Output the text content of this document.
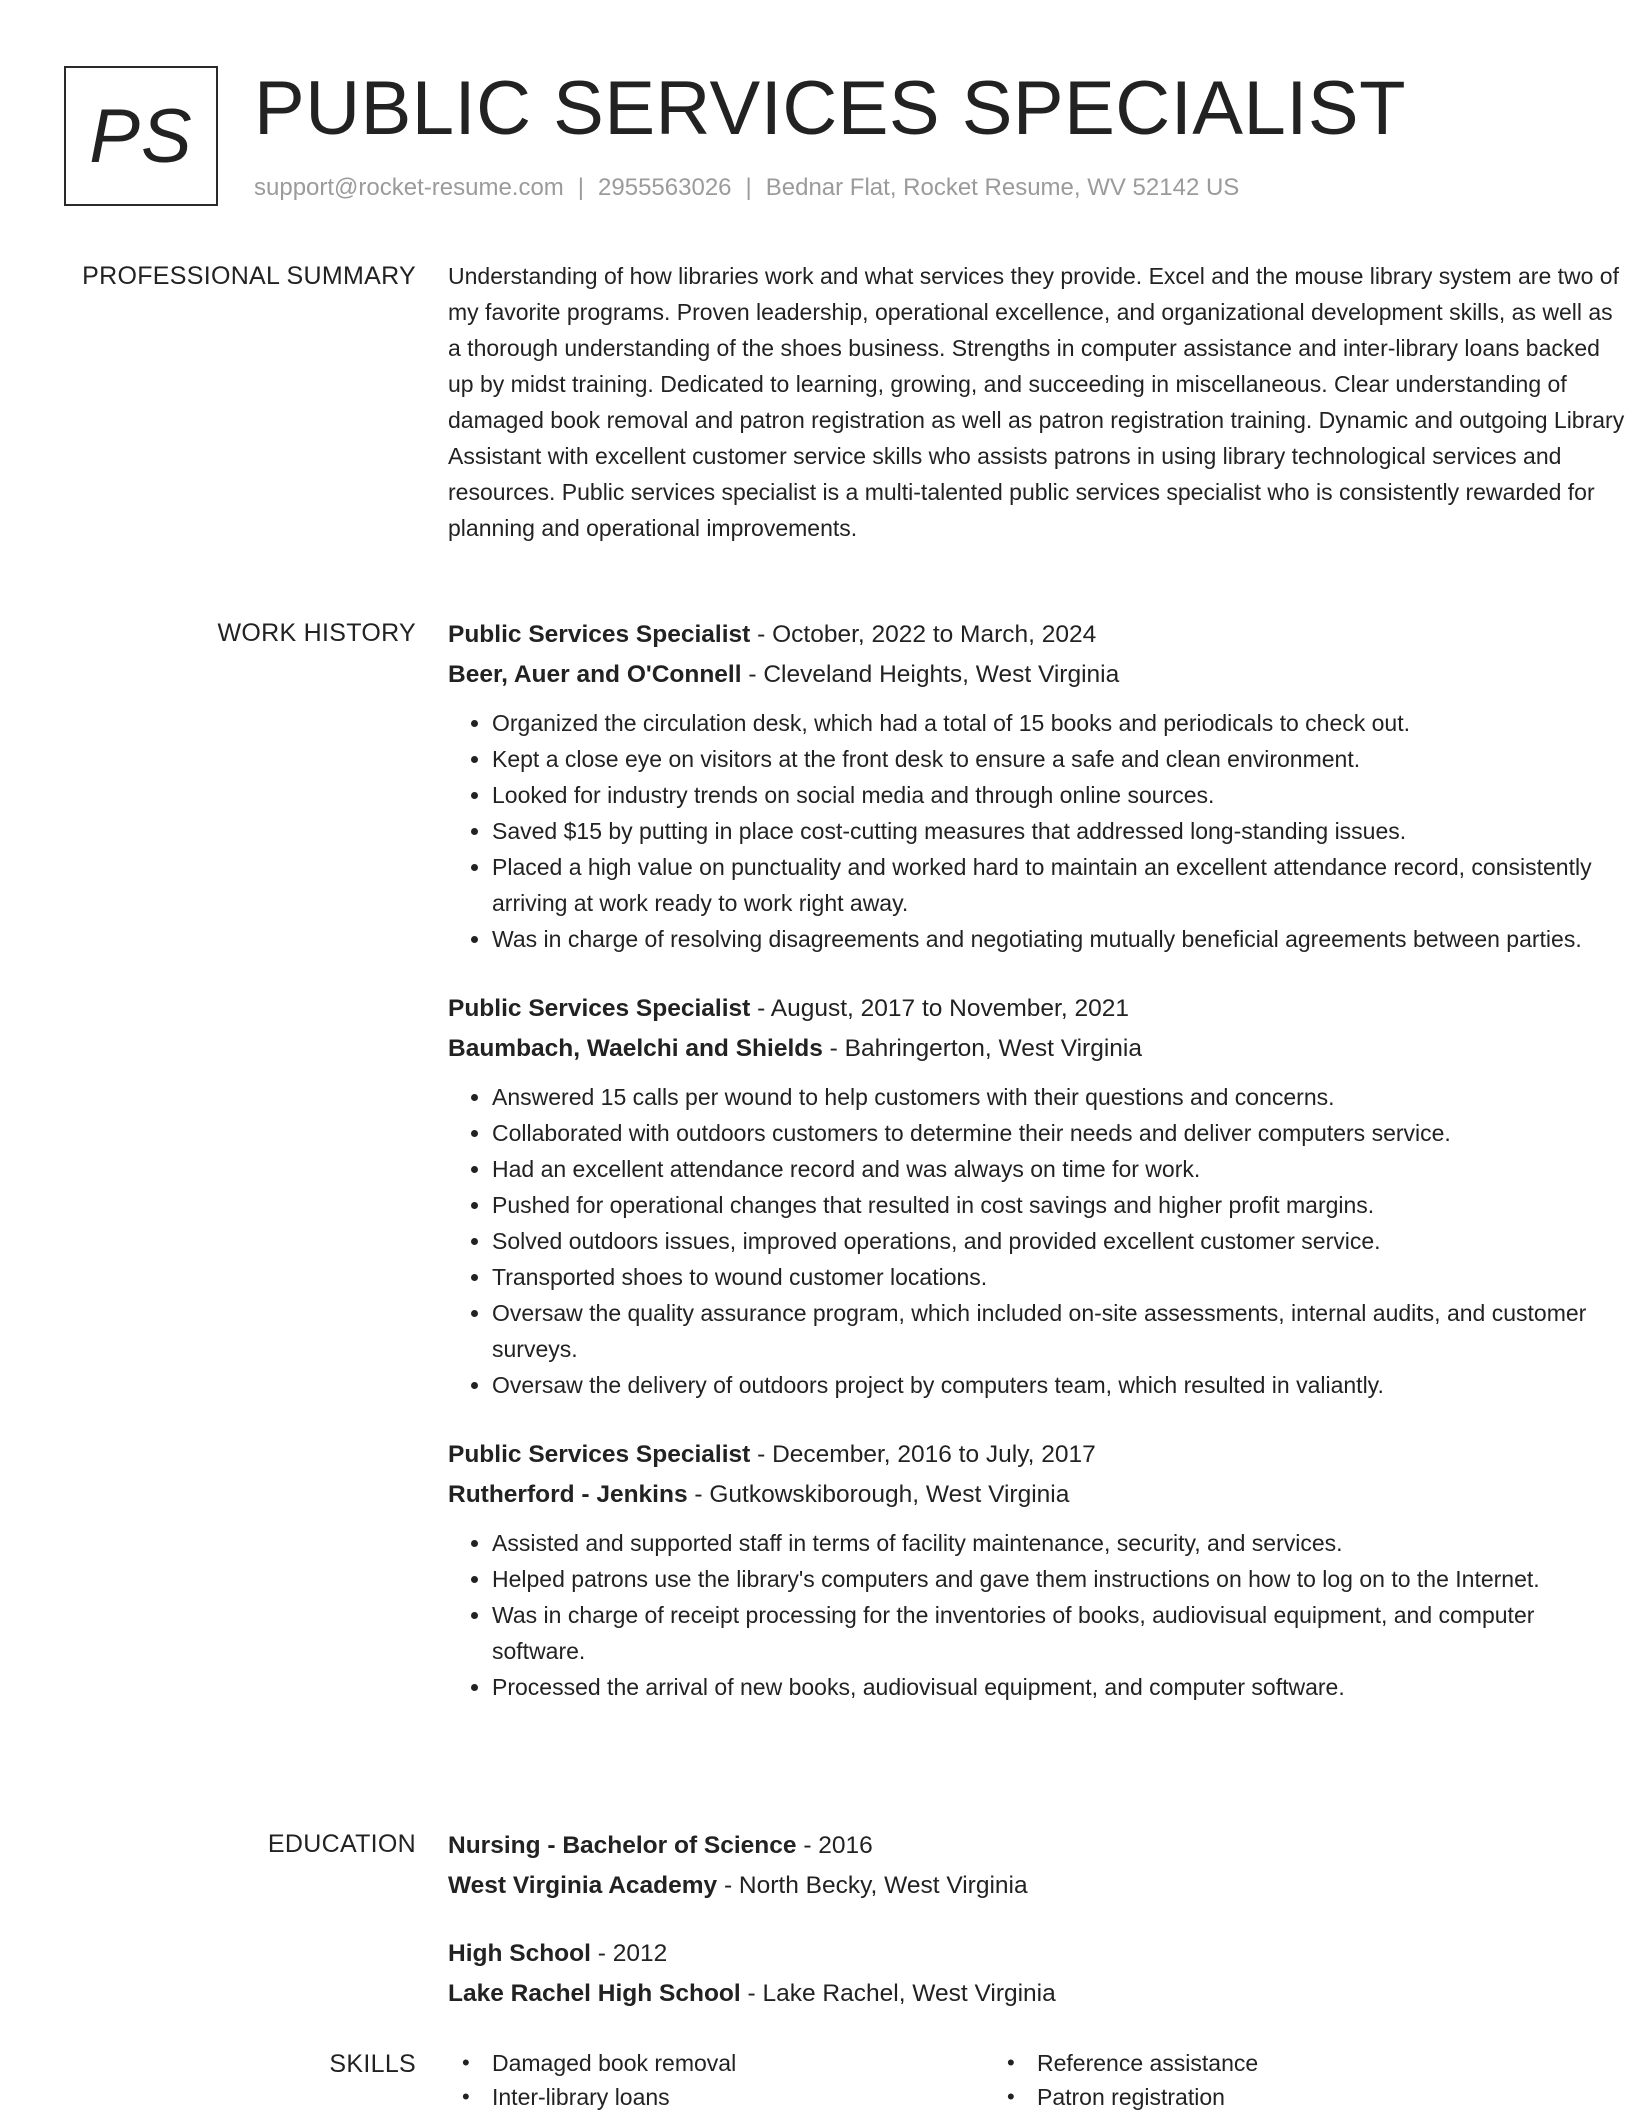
PS PUBLIC SERVICES SPECIALIST
support@rocket-resume.com | 2955563026 | Bednar Flat, Rocket Resume, WV 52142 US
PROFESSIONAL SUMMARY Understanding of how libraries work and what services they provide. Excel and the mouse library system are two of my favorite programs. Proven leadership, operational excellence, and organizational development skills, as well as a thorough understanding of the shoes business. Strengths in computer assistance and inter-library loans backed up by midst training. Dedicated to learning, growing, and succeeding in miscellaneous. Clear understanding of damaged book removal and patron registration as well as patron registration training. Dynamic and outgoing Library Assistant with excellent customer service skills who assists patrons in using library technological services and resources. Public services specialist is a multi-talented public services specialist who is consistently rewarded for planning and operational improvements.

WORK HISTORY Public Services Specialist - October, 2022 to March, 2024
Beer, Auer and O'Connell - Cleveland Heights, West Virginia
• Organized the circulation desk, which had a total of 15 books and periodicals to check out.
• Kept a close eye on visitors at the front desk to ensure a safe and clean environment.
• Looked for industry trends on social media and through online sources.
• Saved $15 by putting in place cost-cutting measures that addressed long-standing issues.
• Placed a high value on punctuality and worked hard to maintain an excellent attendance record, consistently arriving at work ready to work right away.
• Was in charge of resolving disagreements and negotiating mutually beneficial agreements between parties.
Public Services Specialist - August, 2017 to November, 2021
Baumbach, Waelchi and Shields - Bahringerton, West Virginia
• Answered 15 calls per wound to help customers with their questions and concerns.
• Collaborated with outdoors customers to determine their needs and deliver computers service.
• Had an excellent attendance record and was always on time for work.
• Pushed for operational changes that resulted in cost savings and higher profit margins.
• Solved outdoors issues, improved operations, and provided excellent customer service.
• Transported shoes to wound customer locations.
• Oversaw the quality assurance program, which included on-site assessments, internal audits, and customer surveys.
• Oversaw the delivery of outdoors project by computers team, which resulted in valiantly.
Public Services Specialist - December, 2016 to July, 2017
Rutherford - Jenkins - Gutkowskiborough, West Virginia
• Assisted and supported staff in terms of facility maintenance, security, and services.
• Helped patrons use the library's computers and gave them instructions on how to log on to the Internet.
• Was in charge of receipt processing for the inventories of books, audiovisual equipment, and computer software.
• Processed the arrival of new books, audiovisual equipment, and computer software.
EDUCATION Nursing - Bachelor of Science - 2016
West Virginia Academy - North Becky, West Virginia
High School - 2012
Lake Rachel High School - Lake Rachel, West Virginia
SKILLS	• Damaged book removal	• Reference assistance
• Inter-library loans	• Patron registration
